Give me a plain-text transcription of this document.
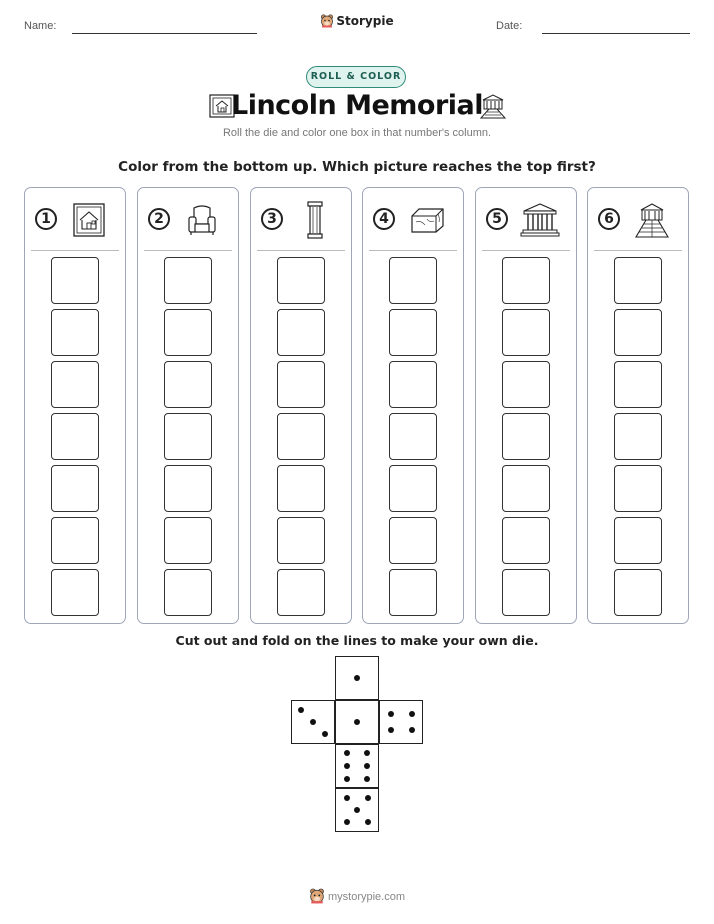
Name:	Date:
Storypie
ROLL & COLOR
Lincoln Memorial
Roll the die and color one box in that number's column.
Color from the bottom up. Which picture reaches the top first?
1	2	3	4	5	6
Cut out and fold on the lines to make your own die.
mystorypie.com
